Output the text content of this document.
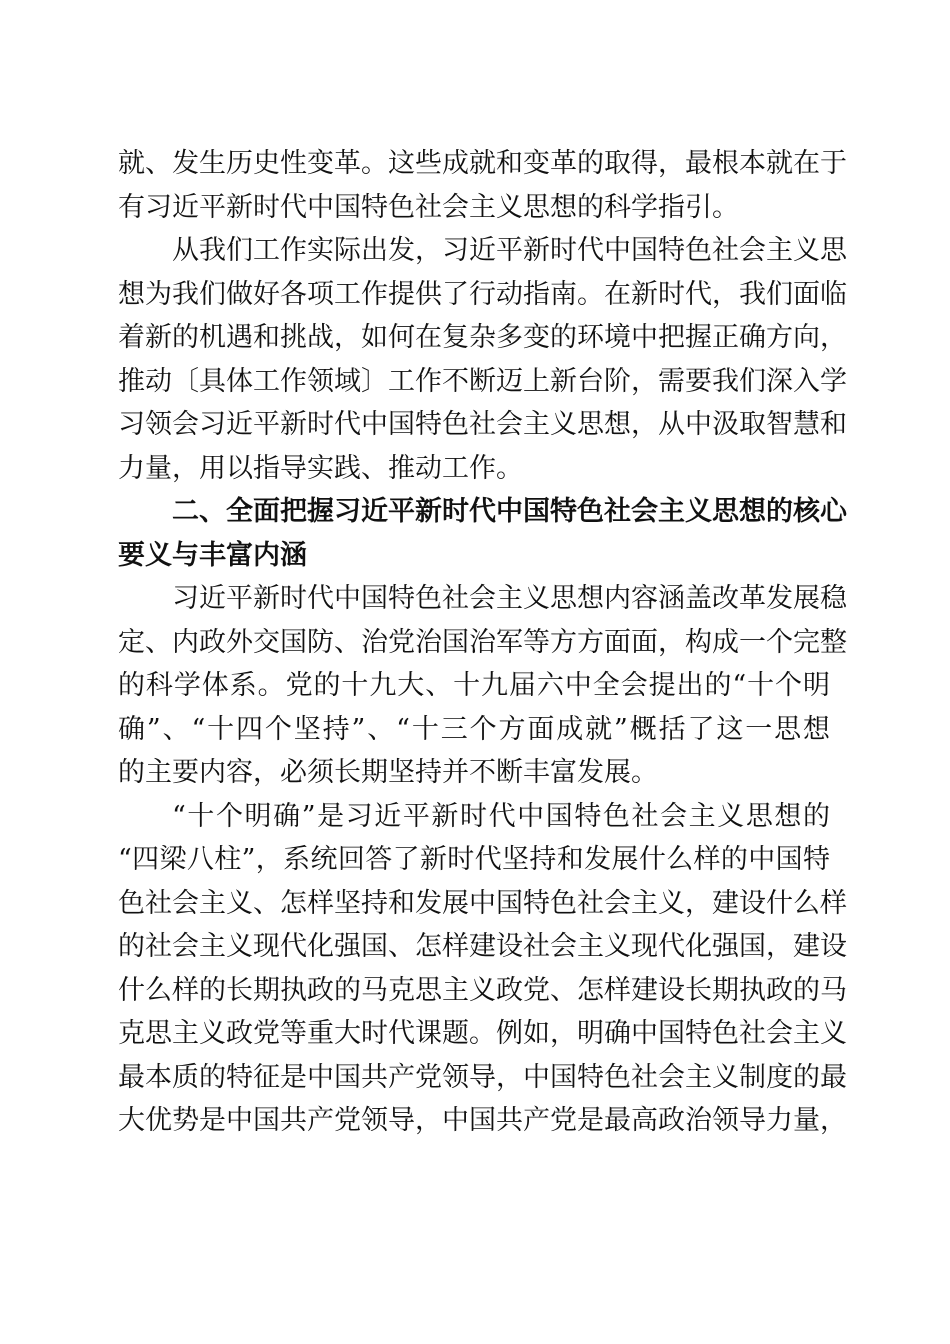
就、发生历史性变革。这些成就和变革的取得，最根本就在于
有习近平新时代中国特色社会主义思想的科学指引。
从我们工作实际出发，习近平新时代中国特色社会主义思
想为我们做好各项工作提供了行动指南。在新时代，我们面临
着新的机遇和挑战，如何在复杂多变的环境中把握正确方向，
推动〔具体工作领域〕工作不断迈上新台阶，需要我们深入学
习领会习近平新时代中国特色社会主义思想，从中汲取智慧和
力量，用以指导实践、推动工作。
二、全面把握习近平新时代中国特色社会主义思想的核心
要义与丰富内涵
习近平新时代中国特色社会主义思想内容涵盖改革发展稳
定、内政外交国防、治党治国治军等方方面面，构成一个完整
的科学体系。党的十九大、十九届六中全会提出的“十个明
确”、“十四个坚持”、“十三个方面成就”概括了这一思想
的主要内容，必须长期坚持并不断丰富发展。
“十个明确”是习近平新时代中国特色社会主义思想的
“四梁八柱”，系统回答了新时代坚持和发展什么样的中国特
色社会主义、怎样坚持和发展中国特色社会主义，建设什么样
的社会主义现代化强国、怎样建设社会主义现代化强国，建设
什么样的长期执政的马克思主义政党、怎样建设长期执政的马
克思主义政党等重大时代课题。例如，明确中国特色社会主义
最本质的特征是中国共产党领导，中国特色社会主义制度的最
大优势是中国共产党领导，中国共产党是最高政治领导力量，
